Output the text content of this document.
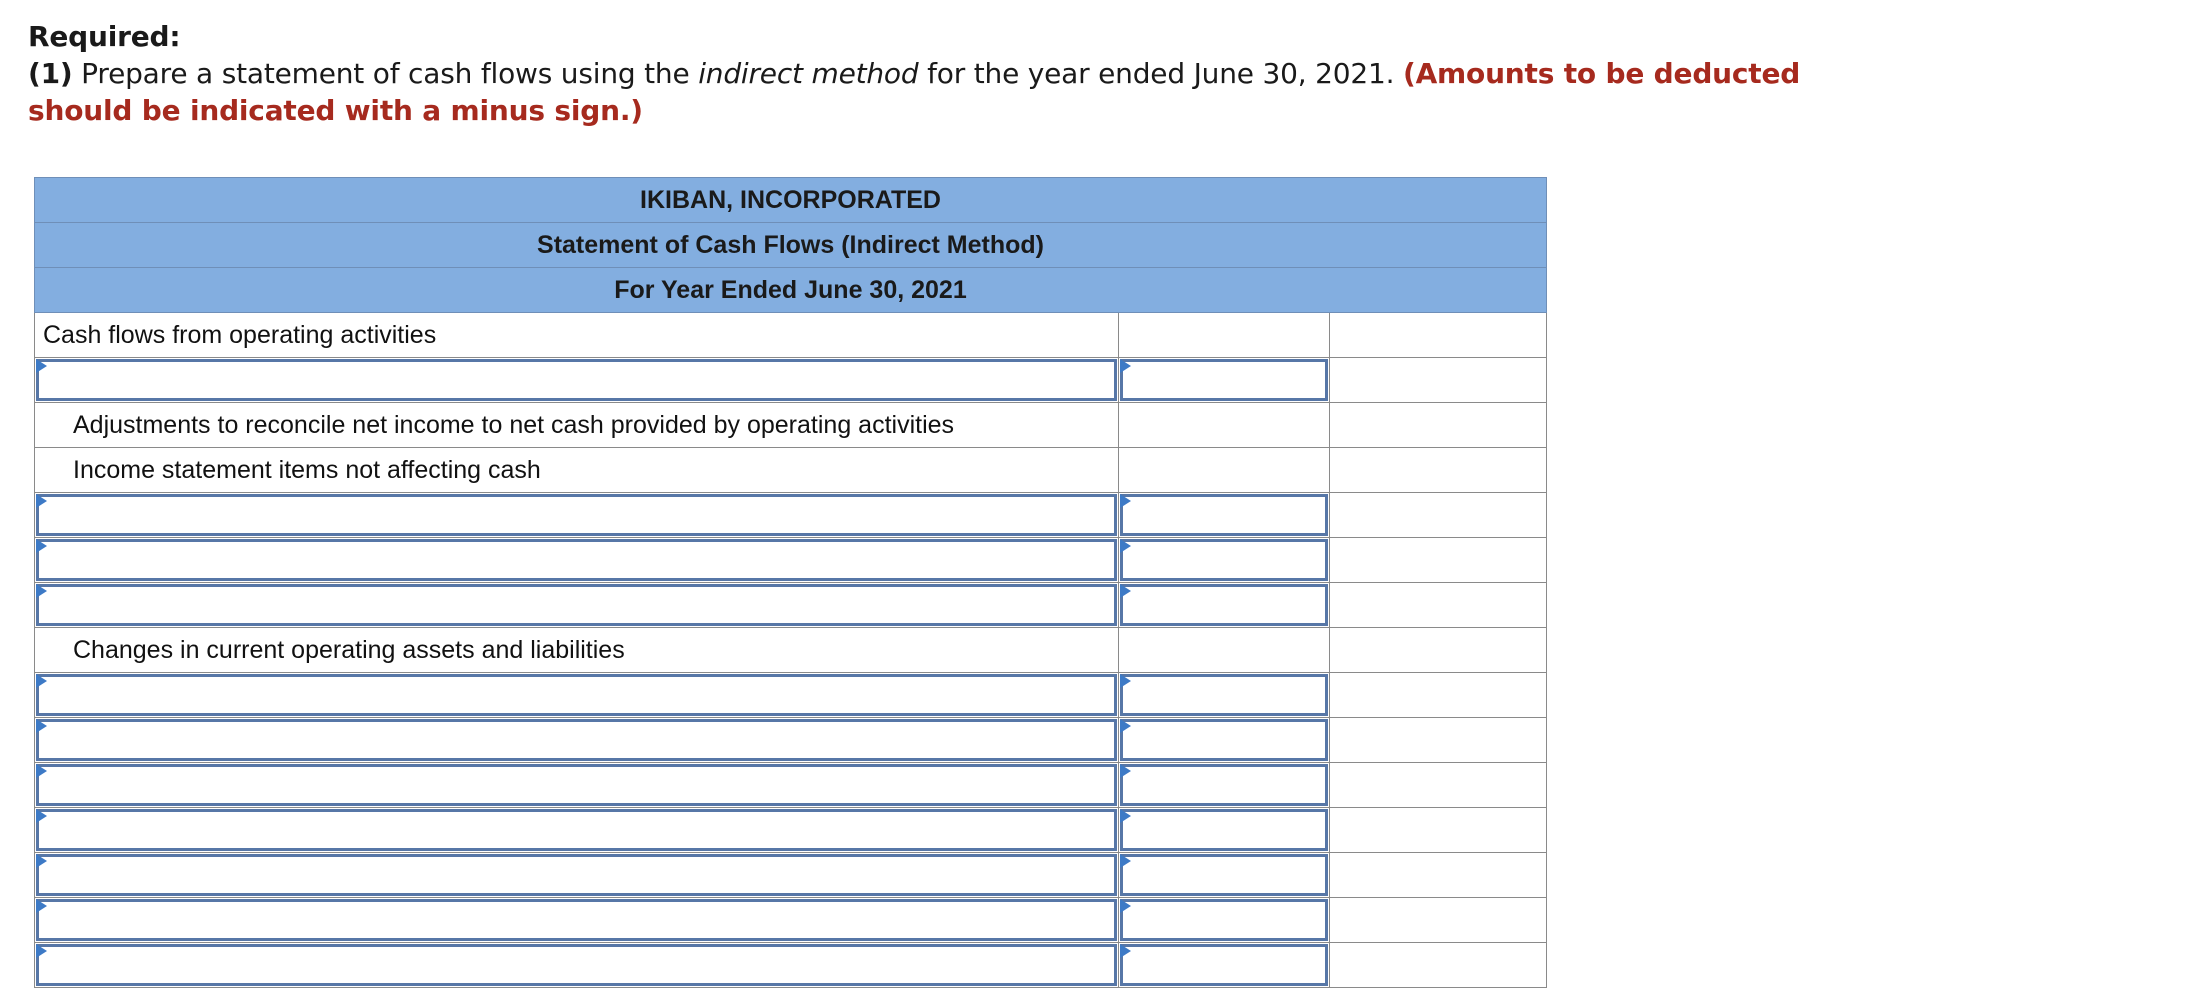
Required:
(1) Prepare a statement of cash flows using the indirect method for the year ended June 30, 2021. (Amounts to be deducted should be indicated with a minus sign.)
IKIBAN, INCORPORATED		
Statement of Cash Flows (Indirect Method)		
For Year Ended June 30, 2021		
Cash flows from operating activities		

Adjustments to reconcile net income to net cash provided by operating activities		
Income statement items not affecting cash		

Changes in current operating assets and liabilities		
